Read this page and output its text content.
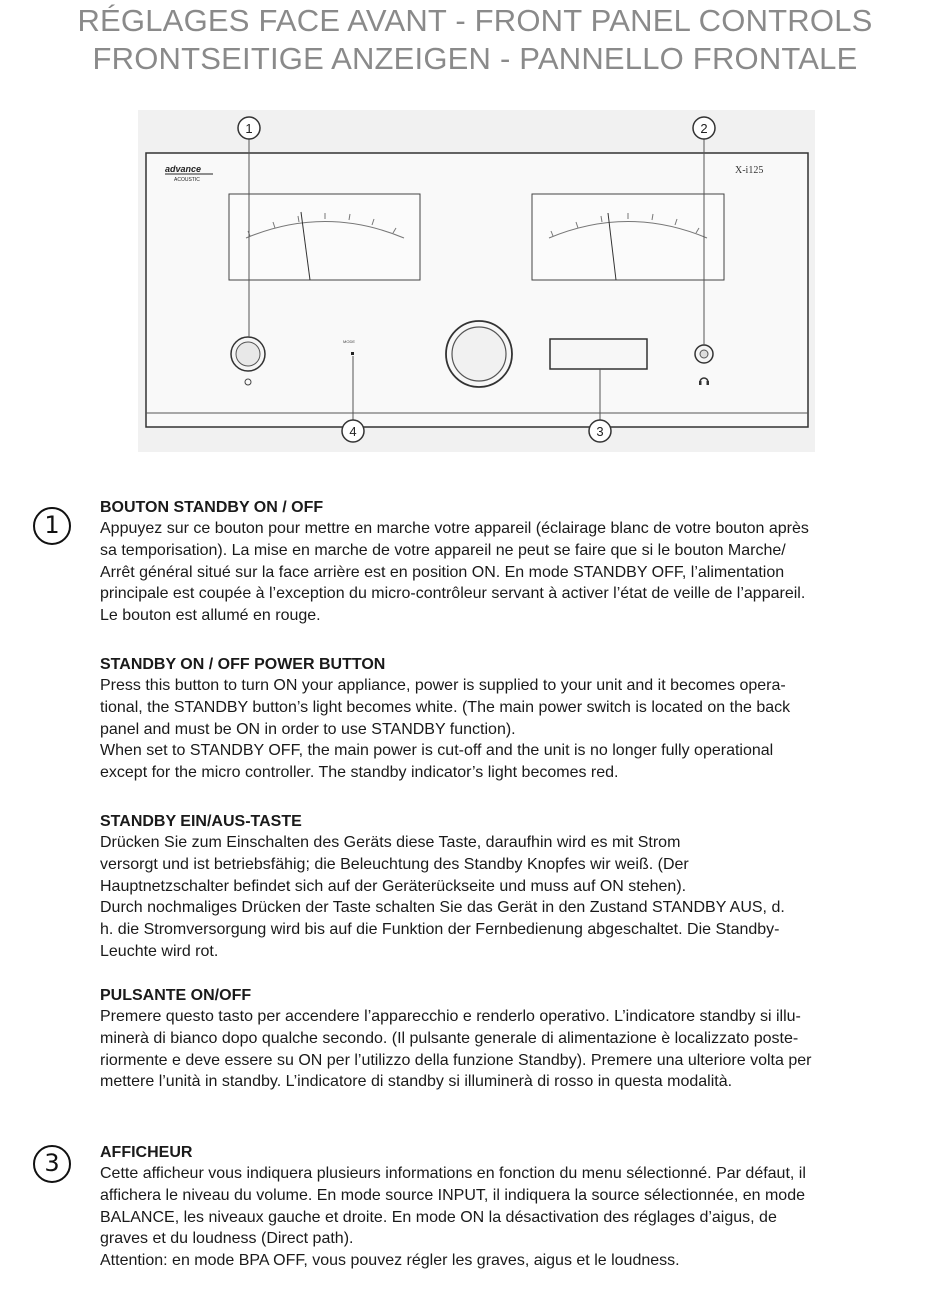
RÉGLAGES FACE AVANT - FRONT PANEL CONTROLS
FRONTSEITIGE ANZEIGEN - PANNELLO FRONTALE
advance
ACOUSTIC
X-i125
MODE
1	2
3
4
1
3
BOUTON STANDBY ON / OFF

Appuyez sur ce bouton pour mettre en marche votre appareil (éclairage blanc de votre bouton après

sa temporisation). La mise en marche de votre appareil ne peut se faire que si le bouton Marche/

Arrêt général situé sur la face arrière est en position ON. En mode STANDBY OFF, l’alimentation

principale est coupée à l’exception du micro-contrôleur servant à activer l’état de veille de l’appareil.

Le bouton est allumé en rouge.

STANDBY ON / OFF POWER BUTTON

Press this button to turn ON your appliance, power is supplied to your unit and it becomes opera-

tional, the STANDBY button’s light becomes white. (The main power switch is located on the back

panel and must be ON in order to use STANDBY function).

When set to STANDBY OFF, the main power is cut-off and the unit is no longer fully operational

except for the micro controller. The standby indicator’s light becomes red.

STANDBY EIN/AUS-TASTE

Drücken Sie zum Einschalten des Geräts diese Taste, daraufhin wird es mit Strom

versorgt und ist betriebsfähig; die Beleuchtung des Standby Knopfes wir weiß. (Der

Hauptnetzschalter befindet sich auf der Geräterückseite und muss auf ON stehen).

Durch nochmaliges Drücken der Taste schalten Sie das Gerät in den Zustand STANDBY AUS, d.

h. die Stromversorgung wird bis auf die Funktion der Fernbedienung abgeschaltet. Die Standby-

Leuchte wird rot.

PULSANTE ON/OFF

Premere questo tasto per accendere l’apparecchio e renderlo operativo. L’indicatore standby si illu-

minerà di bianco dopo qualche secondo. (Il pulsante generale di alimentazione è localizzato poste-

riormente e deve essere su ON per l’utilizzo della funzione Standby). Premere una ulteriore volta per

mettere l’unità in standby. L’indicatore di standby si illuminerà di rosso in questa modalità.

AFFICHEUR

Cette afficheur vous indiquera plusieurs informations en fonction du menu sélectionné. Par défaut, il

affichera le niveau du volume. En mode source INPUT, il indiquera la source sélectionnée, en mode

BALANCE, les niveaux gauche et droite. En mode ON la désactivation des réglages d’aigus, de

graves et du loudness (Direct path).

Attention: en mode BPA OFF, vous pouvez régler les graves, aigus et le loudness.
